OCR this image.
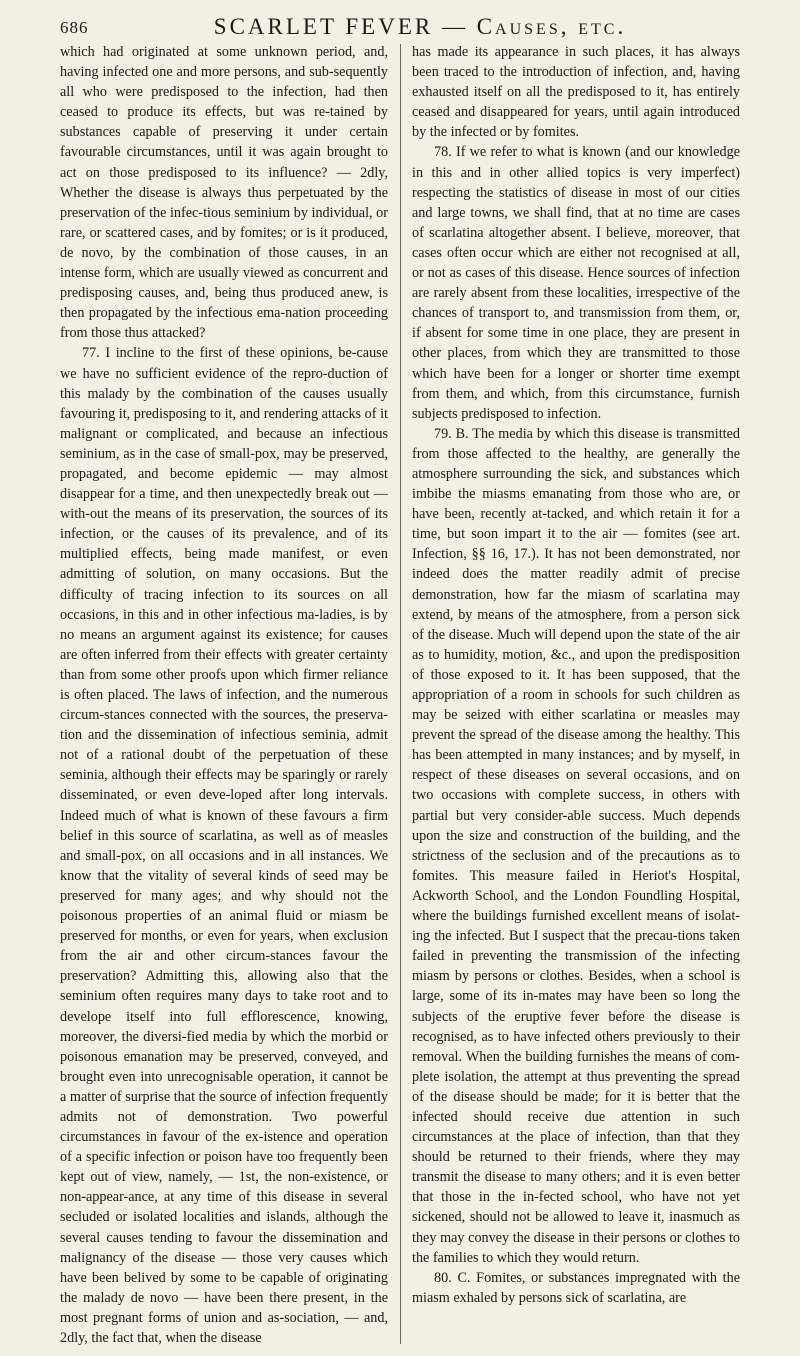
686	SCARLET FEVER — Causes, etc.

which had originated at some unknown period, and, having infected one and more persons, and sub-sequently all who were predisposed to the infection, had then ceased to produce its effects, but was re-tained by substances capable of preserving it under certain favourable circumstances, until it was again brought to act on those predisposed to its influence? — 2dly, Whether the disease is always thus perpetuated by the preservation of the infec-tious seminium by individual, or rare, or scattered cases, and by fomites; or is it produced, de novo, by the combination of those causes, in an intense form, which are usually viewed as concurrent and predisposing causes, and, being thus produced anew, is then propagated by the infectious ema-nation proceeding from those thus attacked?

77. I incline to the first of these opinions, be-cause we have no sufficient evidence of the repro-duction of this malady by the combination of the causes usually favouring it, predisposing to it, and rendering attacks of it malignant or complicated, and because an infectious seminium, as in the case of small-pox, may be preserved, propagated, and become epidemic — may almost disappear for a time, and then unexpectedly break out — with-out the means of its preservation, the sources of its infection, or the causes of its prevalence, and of its multiplied effects, being made manifest, or even admitting of solution, on many occasions. But the difficulty of tracing infection to its sources on all occasions, in this and in other infectious ma-ladies, is by no means an argument against its existence; for causes are often inferred from their effects with greater certainty than from some other proofs upon which firmer reliance is often placed. The laws of infection, and the numerous circum-stances connected with the sources, the preserva-tion and the dissemination of infectious seminia, admit not of a rational doubt of the perpetuation of these seminia, although their effects may be sparingly or rarely disseminated, or even deve-loped after long intervals. Indeed much of what is known of these favours a firm belief in this source of scarlatina, as well as of measles and small-pox, on all occasions and in all instances. We know that the vitality of several kinds of seed may be preserved for many ages; and why should not the poisonous properties of an animal fluid or miasm be preserved for months, or even for years, when exclusion from the air and other circum-stances favour the preservation? Admitting this, allowing also that the seminium often requires many days to take root and to develope itself into full efflorescence, knowing, moreover, the diversi-fied media by which the morbid or poisonous emanation may be preserved, conveyed, and brought even into unrecognisable operation, it cannot be a matter of surprise that the source of infection frequently admits not of demonstration. Two powerful circumstances in favour of the ex-istence and operation of a specific infection or poison have too frequently been kept out of view, namely, — 1st, the non-existence, or non-appear-ance, at any time of this disease in several secluded or isolated localities and islands, although the several causes tending to favour the dissemination and malignancy of the disease — those very causes which have been belived by some to be capable of originating the malady de novo — have been there present, in the most pregnant forms of union and as-sociation, — and, 2dly, the fact that, when the disease

has made its appearance in such places, it has always been traced to the introduction of infection, and, having exhausted itself on all the predisposed to it, has entirely ceased and disappeared for years, until again introduced by the infected or by fomites.

78. If we refer to what is known (and our knowledge in this and in other allied topics is very imperfect) respecting the statistics of disease in most of our cities and large towns, we shall find, that at no time are cases of scarlatina altogether absent. I believe, moreover, that cases often occur which are either not recognised at all, or not as cases of this disease. Hence sources of infection are rarely absent from these localities, irrespective of the chances of transport to, and transmission from them, or, if absent for some time in one place, they are present in other places, from which they are transmitted to those which have been for a longer or shorter time exempt from them, and which, from this circumstance, furnish subjects predisposed to infection.

79. B. The media by which this disease is transmitted from those affected to the healthy, are generally the atmosphere surrounding the sick, and substances which imbibe the miasms emanating from those who are, or have been, recently at-tacked, and which retain it for a time, but soon impart it to the air — fomites (see art. Infection, §§ 16, 17.). It has not been demonstrated, nor indeed does the matter readily admit of precise demonstration, how far the miasm of scarlatina may extend, by means of the atmosphere, from a person sick of the disease. Much will depend upon the state of the air as to humidity, motion, &c., and upon the predisposition of those exposed to it. It has been supposed, that the appropriation of a room in schools for such children as may be seized with either scarlatina or measles may prevent the spread of the disease among the healthy. This has been attempted in many instances; and by myself, in respect of these diseases on several occasions, and on two occasions with complete success, in others with partial but very consider-able success. Much depends upon the size and construction of the building, and the strictness of the seclusion and of the precautions as to fomites. This measure failed in Heriot's Hospital, Ackworth School, and the London Foundling Hospital, where the buildings furnished excellent means of isolat-ing the infected. But I suspect that the precau-tions taken failed in preventing the transmission of the infecting miasm by persons or clothes. Besides, when a school is large, some of its in-mates may have been so long the subjects of the eruptive fever before the disease is recognised, as to have infected others previously to their removal. When the building furnishes the means of com-plete isolation, the attempt at thus preventing the spread of the disease should be made; for it is better that the infected should receive due attention in such circumstances at the place of infection, than that they should be returned to their friends, where they may transmit the disease to many others; and it is even better that those in the in-fected school, who have not yet sickened, should not be allowed to leave it, inasmuch as they may convey the disease in their persons or clothes to the families to which they would return.

80. C. Fomites, or substances impregnated with the miasm exhaled by persons sick of scarlatina, are
